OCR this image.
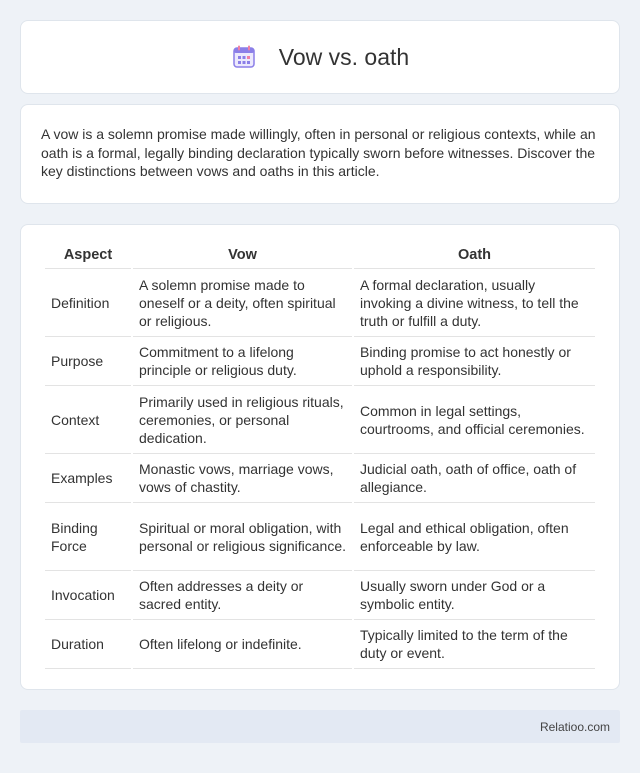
Vow vs. oath

A vow is a solemn promise made willingly, often in personal or religious contexts, while an oath is a formal, legally binding declaration typically sworn before witnesses. Discover the key distinctions between vows and oaths in this article.

Aspect	Vow	Oath
Definition	A solemn promise made to oneself or a deity, often spiritual or religious.	A formal declaration, usually invoking a divine witness, to tell the truth or fulfill a duty.
Purpose	Commitment to a lifelong principle or religious duty.	Binding promise to act honestly or uphold a responsibility.
Context	Primarily used in religious rituals, ceremonies, or personal dedication.	Common in legal settings, courtrooms, and official ceremonies.
Examples	Monastic vows, marriage vows, vows of chastity.	Judicial oath, oath of office, oath of allegiance.
Binding Force	Spiritual or moral obligation, with personal or religious significance.	Legal and ethical obligation, often enforceable by law.
Invocation	Often addresses a deity or sacred entity.	Usually sworn under God or a symbolic entity.
Duration	Often lifelong or indefinite.	Typically limited to the term of the duty or event.
Relatioo.com
